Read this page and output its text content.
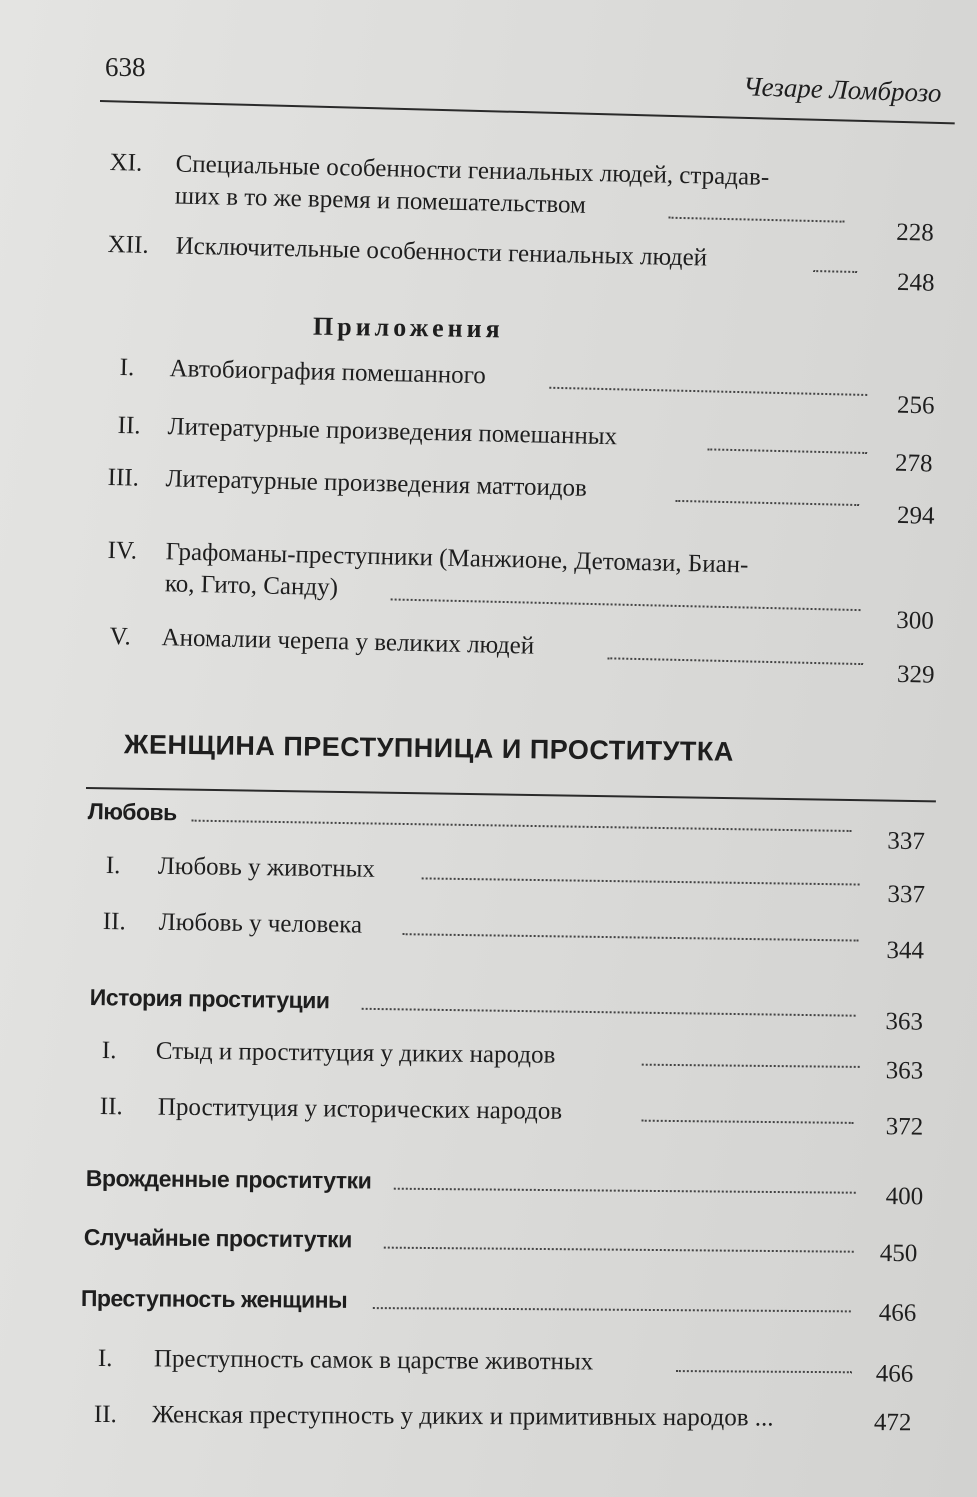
638
Чезаре Ломброзо
XI. Специальные особенности гениальных людей, страдав-
ших в то же время и помешательством
228
XII. Исключительные особенности гениальных людей
248
Приложения
I. Автобиография помешанного
256
II. Литературные произведения помешанных
278
III. Литературные произведения маттоидов
294
IV. Графоманы-преступники (Манжионе, Детомази, Биан-
ко, Гито, Санду)
300
V. Аномалии черепа у великих людей
329
ЖЕНЩИНА ПРЕСТУПНИЦА И ПРОСТИТУТКА
Любовь
337
I. Любовь у животных
337
II. Любовь у человека
344
История проституции
363
I. Стыд и проституция у диких народов
363
II. Проституция у исторических народов
372
Врожденные проститутки
400
Случайные проститутки
450
Преступность женщины
466
I. Преступность самок в царстве животных	466
II. Женская преступность у диких и примитивных народов ...	472
